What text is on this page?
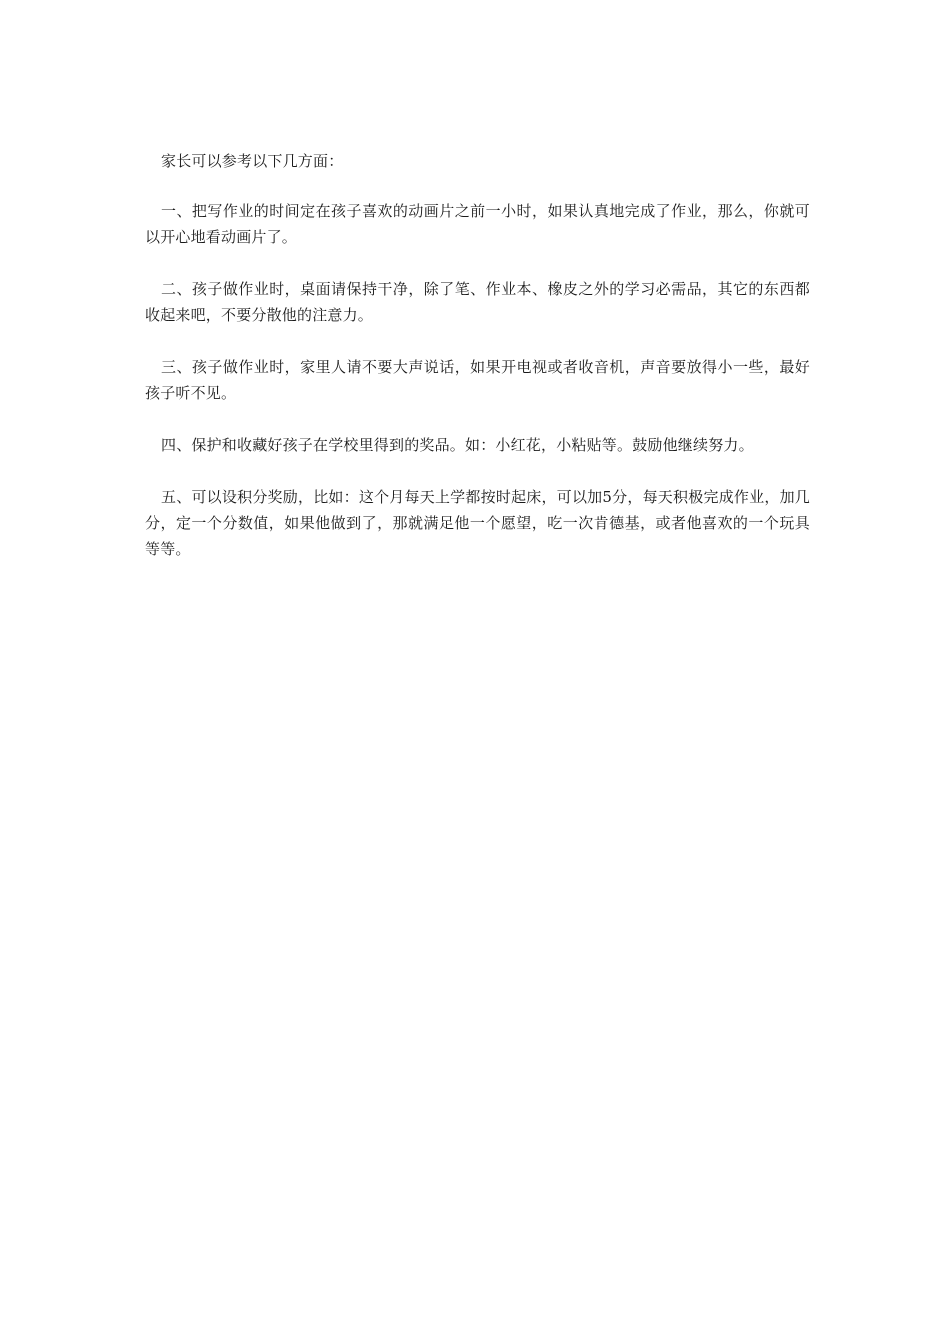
家长可以参考以下几方面：

一、把写作业的时间定在孩子喜欢的动画片之前一小时，如果认真地完成了作业，那么，你就可以开心地看动画片了。

二、孩子做作业时，桌面请保持干净，除了笔、作业本、橡皮之外的学习必需品，其它的东西都收起来吧，不要分散他的注意力。

三、孩子做作业时，家里人请不要大声说话，如果开电视或者收音机，声音要放得小一些，最好孩子听不见。

四、保护和收藏好孩子在学校里得到的奖品。如：小红花，小粘贴等。鼓励他继续努力。

五、可以设积分奖励，比如：这个月每天上学都按时起床，可以加5分，每天积极完成作业，加几分，定一个分数值，如果他做到了，那就满足他一个愿望，吃一次肯德基，或者他喜欢的一个玩具等等。
